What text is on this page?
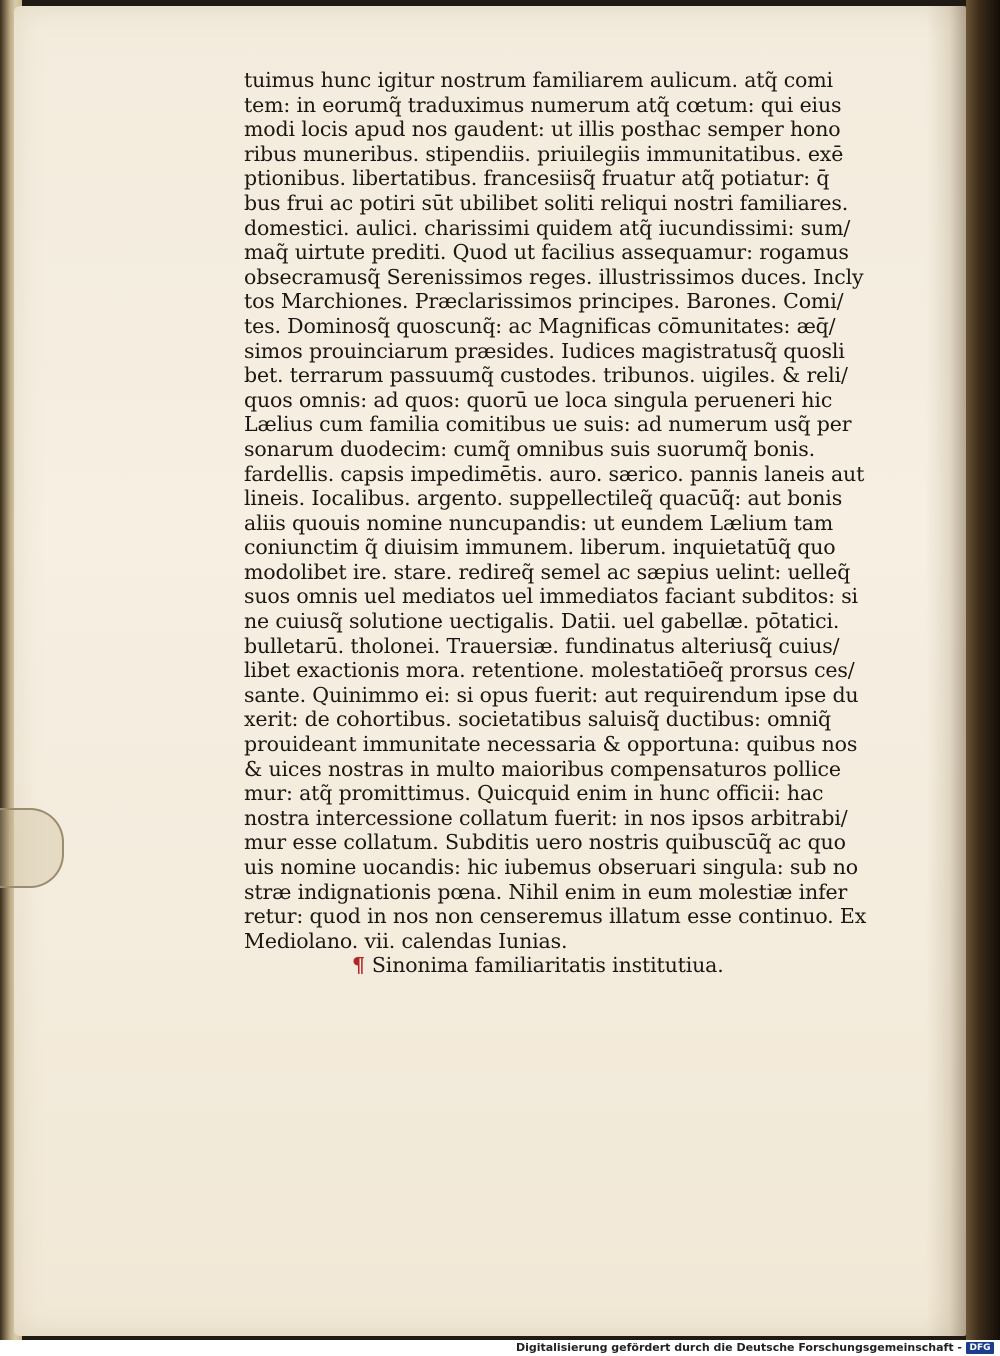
tuimus hunc igitur nostrum familiarem aulicum. atq̃ comi
tem: in eorumq̃ traduximus numerum atq̃ cœtum: qui eius
modi locis apud nos gaudent: ut illis posthac semper hono
ribus muneribus. stipendiis. priuilegiis immunitatibus. exē
ptionibus. libertatibus. francesiisq̃ fruatur atq̃ potiatur: q̄
bus frui ac potiri sūt ubilibet soliti reliqui nostri familiares.
domestici. aulici. charissimi quidem atq̃ iucundissimi: sum/
maq̃ uirtute prediti. Quod ut facilius assequamur: rogamus
obsecramusq̃ Serenissimos reges. illustrissimos duces. Incly
tos Marchiones. Præclarissimos principes. Barones. Comi/
tes. Dominosq̃ quoscunq̃: ac Magnificas cōmunitates: æq̄/
simos prouinciarum præsides. Iudices magistratusq̃ quosli
bet. terrarum passuumq̃ custodes. tribunos. uigiles. & reli/
quos omnis: ad quos: quorū ue loca singula perueneri hic
Lælius cum familia comitibus ue suis: ad numerum usq̃ per
sonarum duodecim: cumq̃ omnibus suis suorumq̃ bonis.
fardellis. capsis impedimētis. auro. særico. pannis laneis aut
lineis. Iocalibus. argento. suppellectileq̃ quacūq̃: aut bonis
aliis quouis nomine nuncupandis: ut eundem Lælium tam
coniunctim q̃ diuisim immunem. liberum. inquietatūq̃ quo
modolibet ire. stare. redireq̃ semel ac sæpius uelint: uelleq̃
suos omnis uel mediatos uel immediatos faciant subditos: si
ne cuiusq̃ solutione uectigalis. Datii. uel gabellæ. pōtatici.
bulletarū. tholonei. Trauersiæ. fundinatus alteriusq̃ cuius/
libet exactionis mora. retentione. molestatiōeq̃ prorsus ces/
sante. Quinimmo ei: si opus fuerit: aut requirendum ipse du
xerit: de cohortibus. societatibus saluisq̃ ductibus: omniq̃
prouideant immunitate necessaria & opportuna: quibus nos
& uices nostras in multo maioribus compensaturos pollice
mur: atq̃ promittimus. Quicquid enim in hunc officii: hac
nostra intercessione collatum fuerit: in nos ipsos arbitrabi/
mur esse collatum. Subditis uero nostris quibuscūq̃ ac quo
uis nomine uocandis: hic iubemus obseruari singula: sub no
stræ indignationis pœna. Nihil enim in eum molestiæ infer
retur: quod in nos non censeremus illatum esse continuo. Ex
Mediolano. vii. calendas Iunias.
¶ Sinonima familiaritatis institutiua.
Digitalisierung gefördert durch die Deutsche Forschungsgemeinschaft - DFG
